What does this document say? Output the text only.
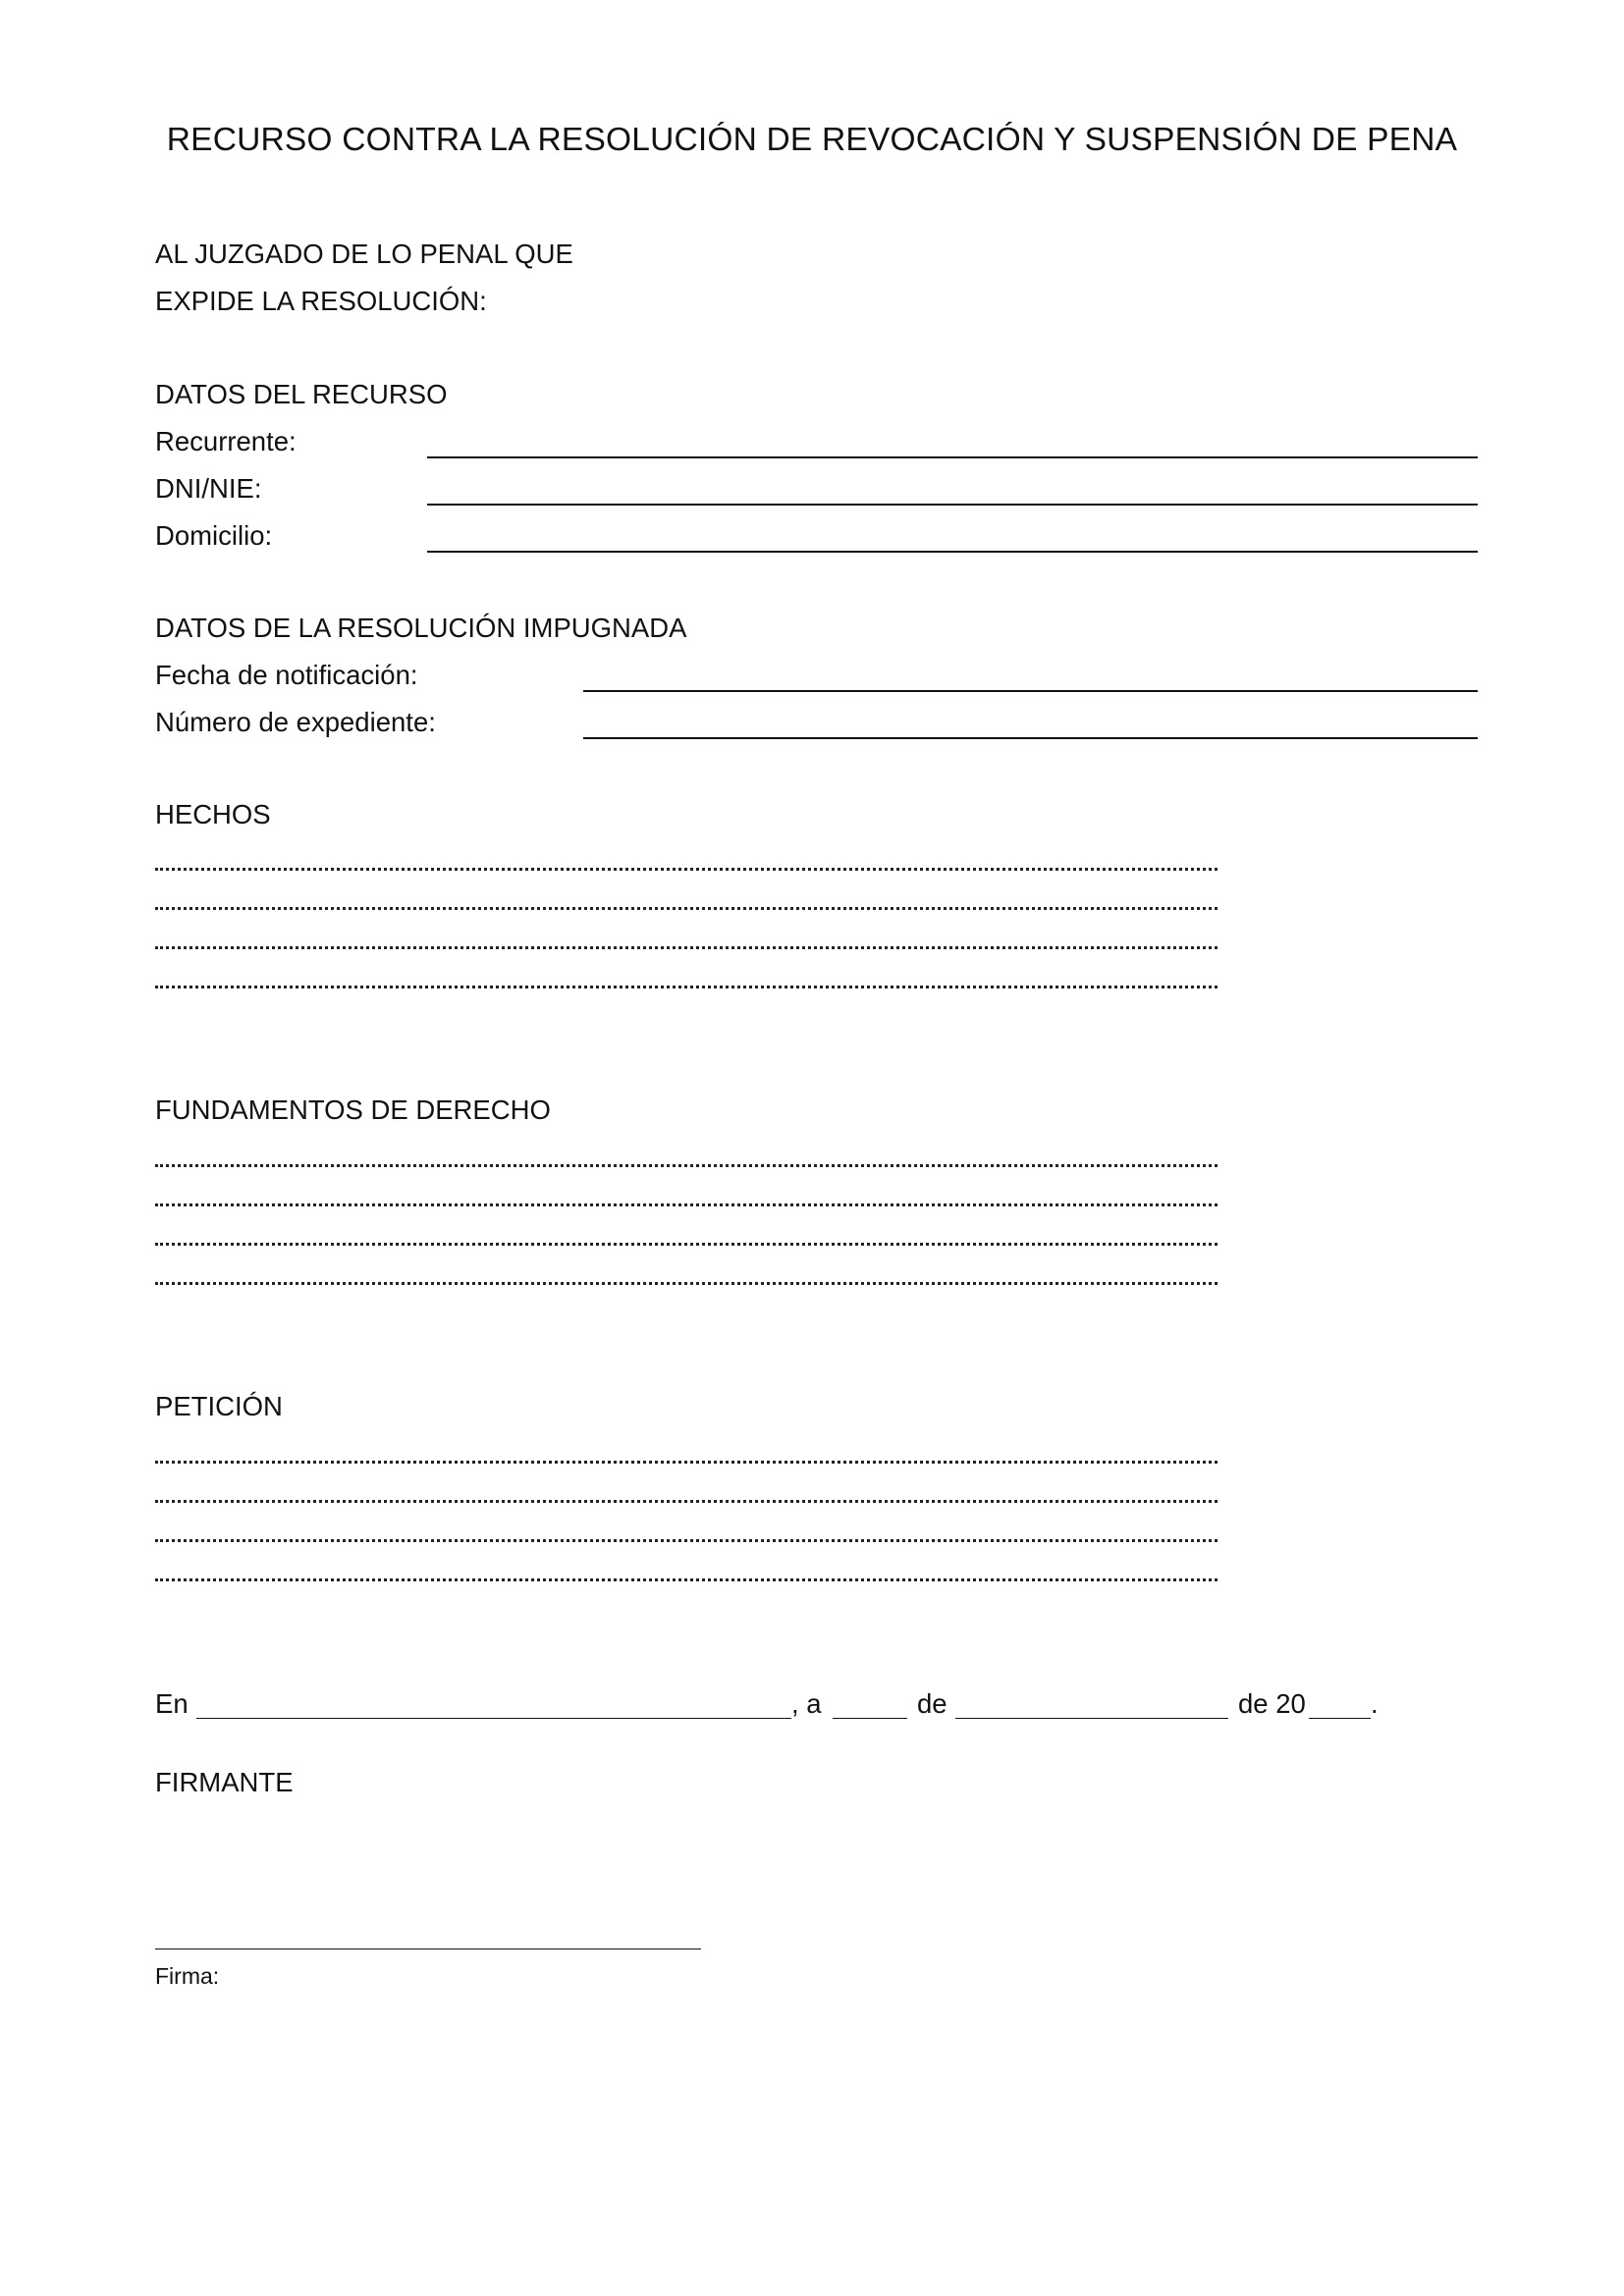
RECURSO CONTRA LA RESOLUCIÓN DE REVOCACIÓN Y SUSPENSIÓN DE PENA
AL JUZGADO DE LO PENAL QUE
EXPIDE LA RESOLUCIÓN:
DATOS DEL RECURSO
Recurrente:
DNI/NIE:
Domicilio:
DATOS DE LA RESOLUCIÓN IMPUGNADA
Fecha de notificación:
Número de expediente:
HECHOS
FUNDAMENTOS DE DERECHO
PETICIÓN
En	, a	de	de 20 .
FIRMANTE
Firma:
